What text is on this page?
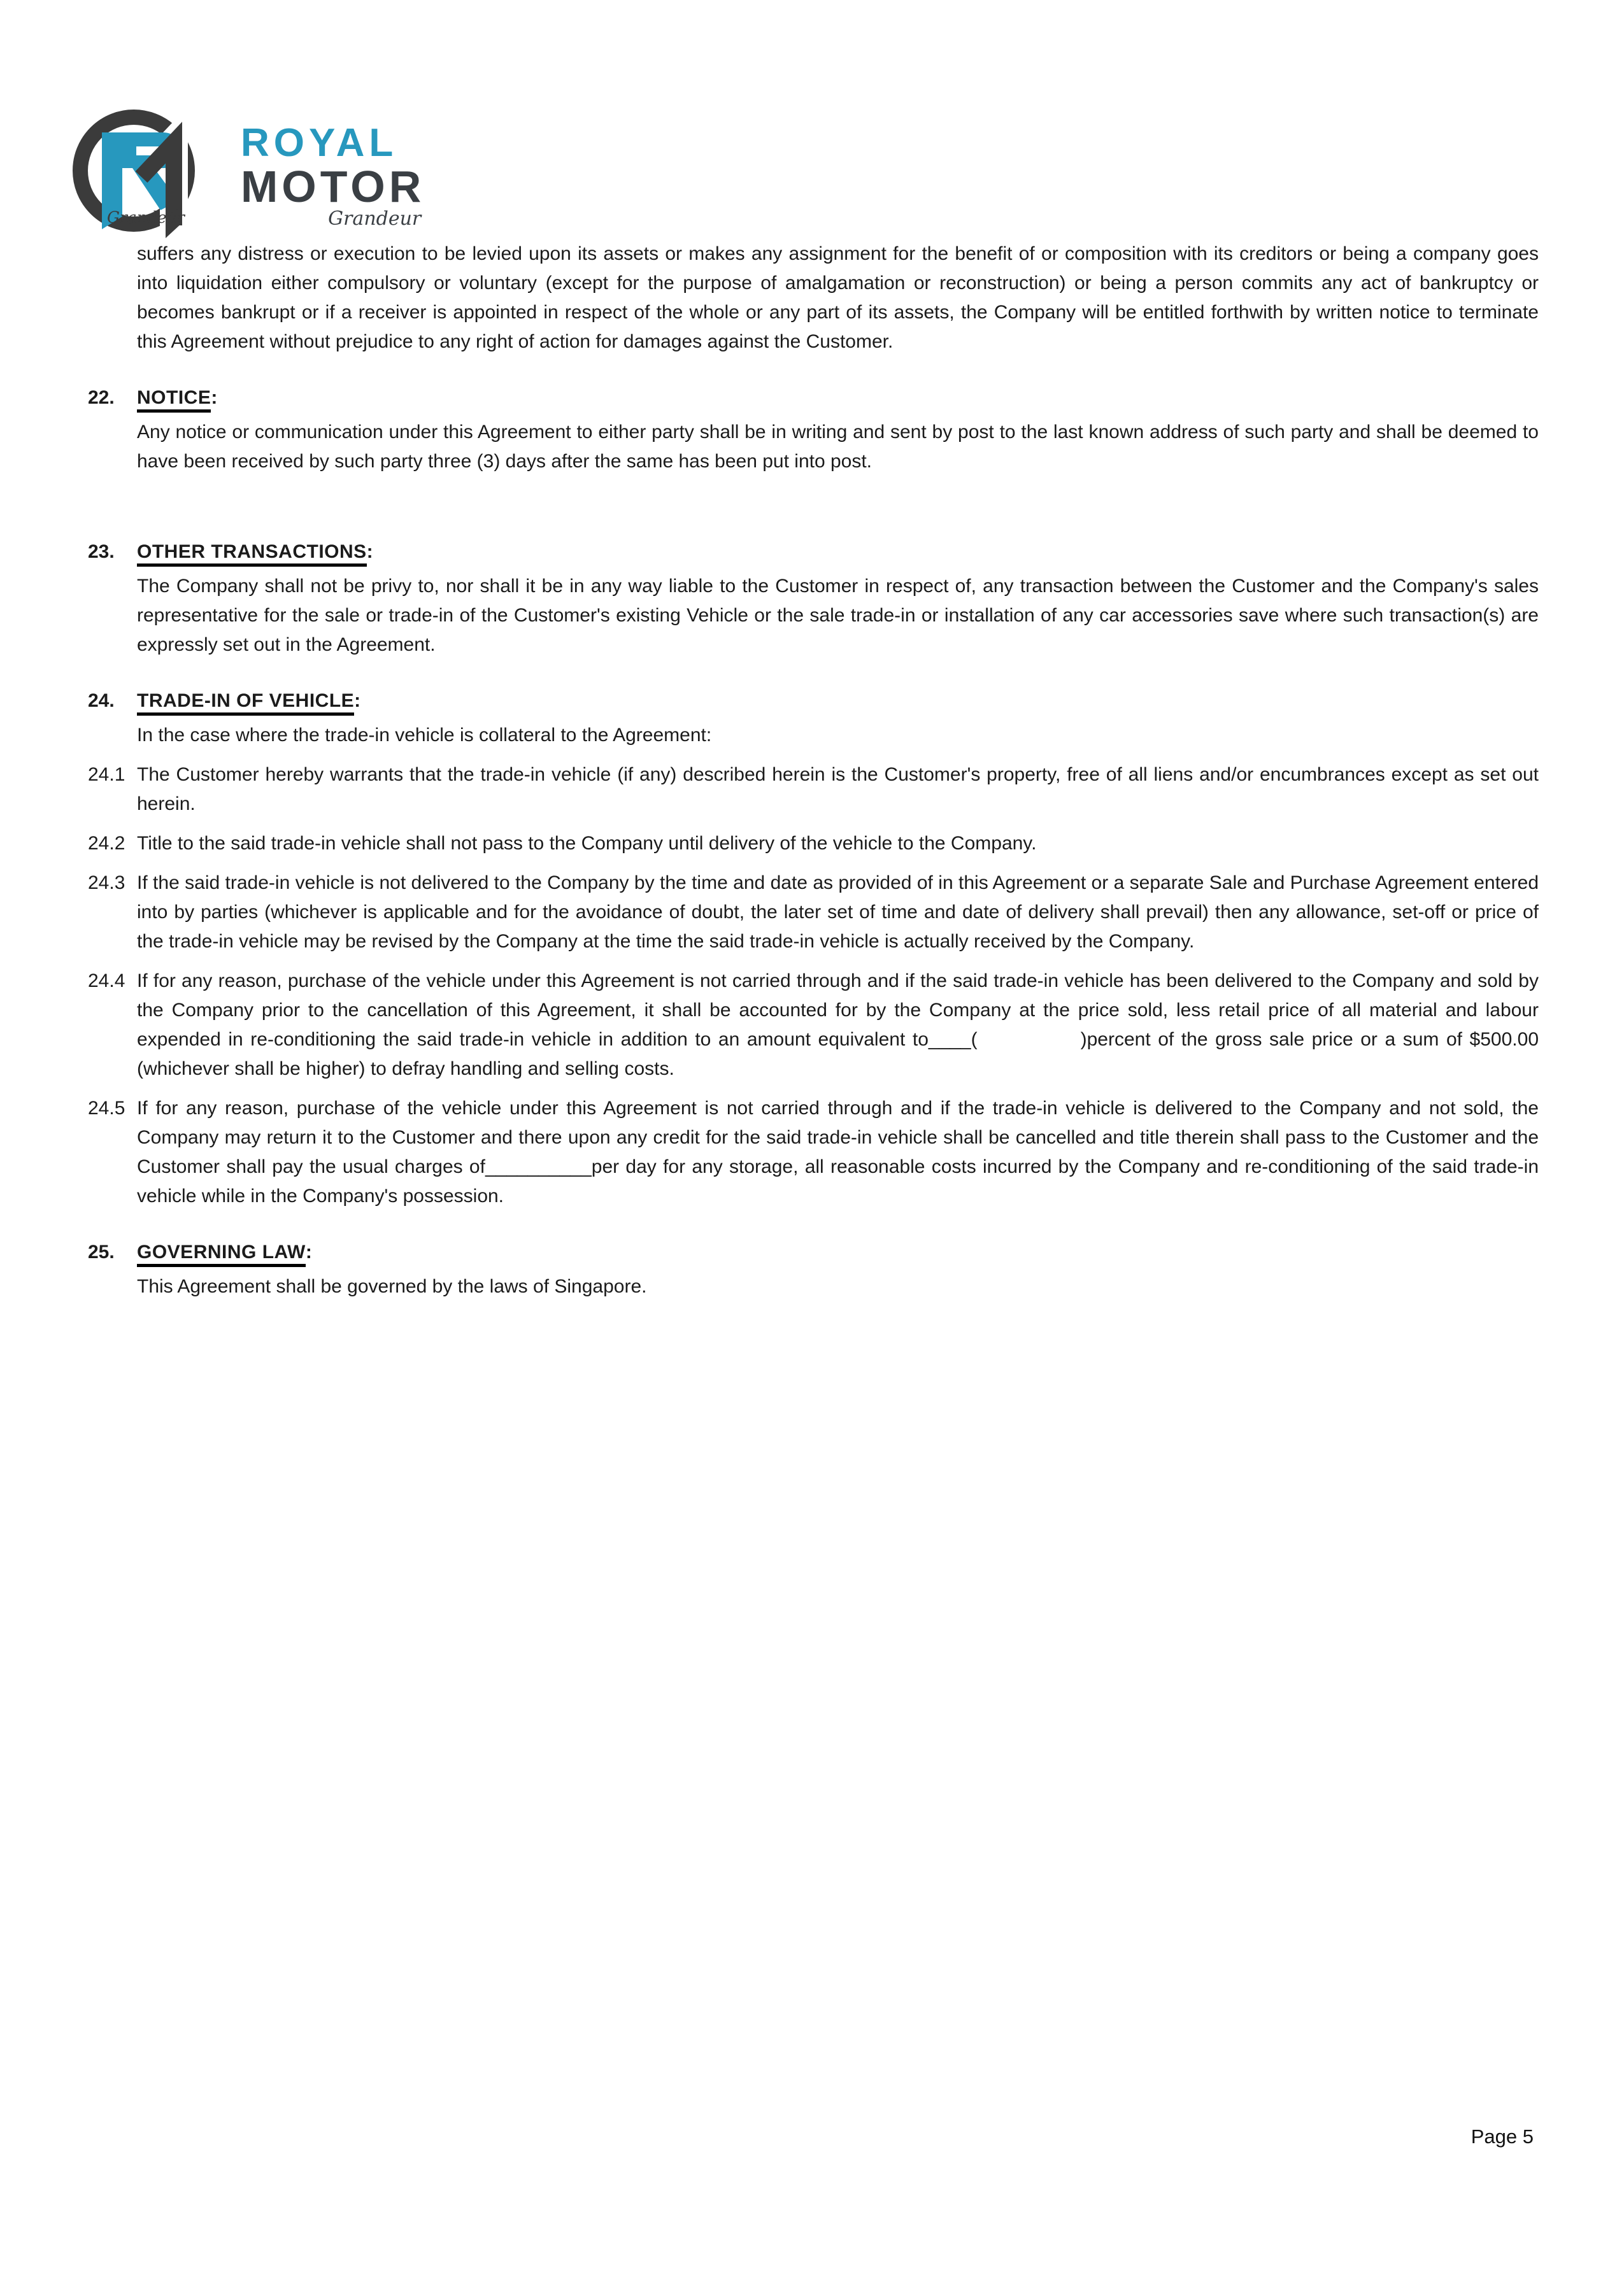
Grandeur
ROYAL
MOTOR
Grandeur

suffers any distress or execution to be levied upon its assets or makes any assignment for the benefit of or composition with its creditors or being a company goes into liquidation either compulsory or voluntary (except for the purpose of amalgamation or reconstruction) or being a person commits any act of bankruptcy or becomes bankrupt or if a receiver is appointed in respect of the whole or any part of its assets, the Company will be entitled forthwith by written notice to terminate this Agreement without prejudice to any right of action for damages against the Customer.

22.	NOTICE:

Any notice or communication under this Agreement to either party shall be in writing and sent by post to the last known address of such party and shall be deemed to have been received by such party three (3) days after the same has been put into post.

23.	OTHER TRANSACTIONS:

The Company shall not be privy to, nor shall it be in any way liable to the Customer in respect of, any transaction between the Customer and the Company's sales representative for the sale or trade-in of the Customer's existing Vehicle or the sale trade-in or installation of any car accessories save where such transaction(s) are expressly set out in the Agreement.

24.	TRADE-IN OF VEHICLE:

In the case where the trade-in vehicle is collateral to the Agreement:

24.1 The Customer hereby warrants that the trade-in vehicle (if any) described herein is the Customer's property, free of all liens and/or encumbrances except as set out herein.

24.2 Title to the said trade-in vehicle shall not pass to the Company until delivery of the vehicle to the Company.

24.3 If the said trade-in vehicle is not delivered to the Company by the time and date as provided of in this Agreement or a separate Sale and Purchase Agreement entered into by parties (whichever is applicable and for the avoidance of doubt, the later set of time and date of delivery shall prevail) then any allowance, set-off or price of the trade-in vehicle may be revised by the Company at the time the said trade-in vehicle is actually received by the Company.

24.4 If for any reason, purchase of the vehicle under this Agreement is not carried through and if the said trade-in vehicle has been delivered to the Company and sold by the Company prior to the cancellation of this Agreement, it shall be accounted for by the Company at the price sold, less retail price of all material and labour expended in re-conditioning the said trade-in vehicle in addition to an amount equivalent to____(              )percent of the gross sale price or a sum of $500.00 (whichever shall be higher) to defray handling and selling costs.

24.5 If for any reason, purchase of the vehicle under this Agreement is not carried through and if the trade-in vehicle is delivered to the Company and not sold, the Company may return it to the Customer and there upon any credit for the said trade-in vehicle shall be cancelled and title therein shall pass to the Customer and the Customer shall pay the usual charges of__________per day for any storage, all reasonable costs incurred by the Company and re-conditioning of the said trade-in vehicle while in the Company's possession.

25.	GOVERNING LAW:

This Agreement shall be governed by the laws of Singapore.

Page 5
